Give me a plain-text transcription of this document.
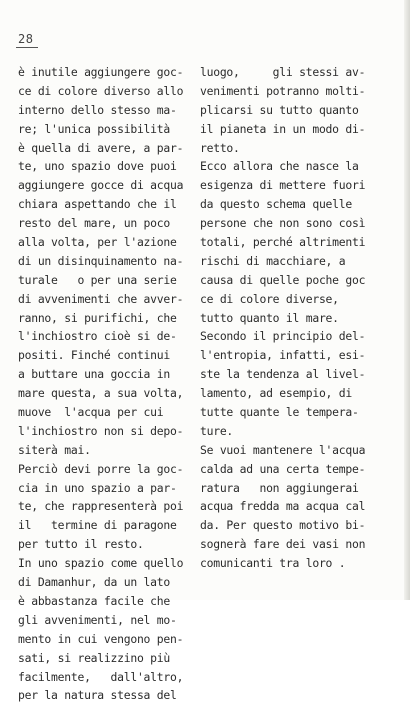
28
è inutile aggiungere goc-
ce di colore diverso allo
interno dello stesso ma-
re; l'unica possibilità
è quella di avere, a par-
te, uno spazio dove puoi
aggiungere gocce di acqua
chiara aspettando che il
resto del mare, un poco
alla volta, per l'azione
di un disinquinamento na-
turale   o per una serie
di avvenimenti che avver-
ranno, si purifichi, che
l'inchiostro cioè si de-
positi. Finché continui
a buttare una goccia in
mare questa, a sua volta,
muove  l'acqua per cui
l'inchiostro non si depo-
siterà mai.
Perciò devi porre la goc-
cia in uno spazio a par-
te, che rappresenterà poi
il   termine di paragone
per tutto il resto.
In uno spazio come quello
di Damanhur, da un lato
è abbastanza facile che
gli avvenimenti, nel mo-
mento in cui vengono pen-
sati, si realizzino più
facilmente,   dall'altro,
per la natura stessa del
luogo,     gli stessi av-
venimenti potranno molti-
plicarsi su tutto quanto
il pianeta in un modo di-
retto.
Ecco allora che nasce la
esigenza di mettere fuori
da questo schema quelle
persone che non sono così
totali, perché altrimenti
rischi di macchiare, a
causa di quelle poche goc
ce di colore diverse,
tutto quanto il mare.
Secondo il principio del-
l'entropia, infatti, esi-
ste la tendenza al livel-
lamento, ad esempio, di
tutte quante le tempera-
ture.
Se vuoi mantenere l'acqua
calda ad una certa tempe-
ratura   non aggiungerai
acqua fredda ma acqua cal
da. Per questo motivo bi-
sognerà fare dei vasi non
comunicanti tra loro .
